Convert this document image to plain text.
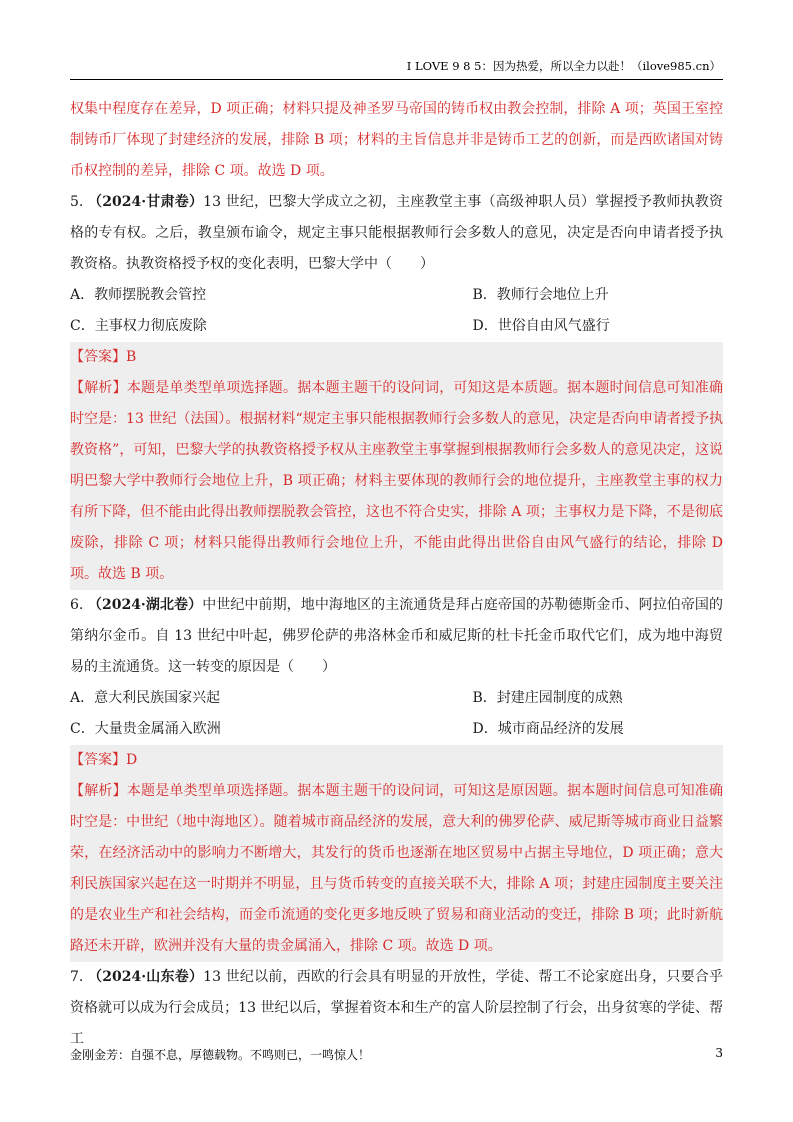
I LOVE 9 8 5：因为热爱，所以全力以赴！（ilove985.cn）
权集中程度存在差异，D 项正确；材料只提及神圣罗马帝国的铸币权由教会控制，排除 A 项；英国王室控制铸币厂体现了封建经济的发展，排除 B 项；材料的主旨信息并非是铸币工艺的创新，而是西欧诸国对铸币权控制的差异，排除 C 项。故选 D 项。
5. （2024·甘肃卷）13 世纪，巴黎大学成立之初，主座教堂主事（高级神职人员）掌握授予教师执教资格的专有权。之后，教皇颁布谕令，规定主事只能根据教师行会多数人的意见，决定是否向申请者授予执教资格。执教资格授予权的变化表明，巴黎大学中（　　）
A．教师摆脱教会管控	B．教师行会地位上升
C．主事权力彻底废除	D．世俗自由风气盛行
【答案】B
【解析】本题是单类型单项选择题。据本题主题干的设问词，可知这是本质题。据本题时间信息可知准确时空是：13 世纪（法国）。根据材料“规定主事只能根据教师行会多数人的意见，决定是否向申请者授予执教资格”，可知，巴黎大学的执教资格授予权从主座教堂主事掌握到根据教师行会多数人的意见决定，这说明巴黎大学中教师行会地位上升，B 项正确；材料主要体现的教师行会的地位提升，主座教堂主事的权力有所下降，但不能由此得出教师摆脱教会管控，这也不符合史实，排除 A 项；主事权力是下降，不是彻底废除，排除 C 项；材料只能得出教师行会地位上升，不能由此得出世俗自由风气盛行的结论，排除 D 项。故选 B 项。
6. （2024·湖北卷）中世纪中前期，地中海地区的主流通货是拜占庭帝国的苏勒德斯金币、阿拉伯帝国的第纳尔金币。自 13 世纪中叶起，佛罗伦萨的弗洛林金币和威尼斯的杜卡托金币取代它们，成为地中海贸易的主流通货。这一转变的原因是（　　）
A．意大利民族国家兴起	B．封建庄园制度的成熟
C．大量贵金属涌入欧洲	D．城市商品经济的发展
【答案】D
【解析】本题是单类型单项选择题。据本题主题干的设问词，可知这是原因题。据本题时间信息可知准确时空是：中世纪（地中海地区）。随着城市商品经济的发展，意大利的佛罗伦萨、威尼斯等城市商业日益繁荣，在经济活动中的影响力不断增大，其发行的货币也逐渐在地区贸易中占据主导地位，D 项正确；意大利民族国家兴起在这一时期并不明显，且与货币转变的直接关联不大，排除 A 项；封建庄园制度主要关注的是农业生产和社会结构，而金币流通的变化更多地反映了贸易和商业活动的变迁，排除 B 项；此时新航路还未开辟，欧洲并没有大量的贵金属涌入，排除 C 项。故选 D 项。
7. （2024·山东卷）13 世纪以前，西欧的行会具有明显的开放性，学徒、帮工不论家庭出身，只要合乎资格就可以成为行会成员；13 世纪以后，掌握着资本和生产的富人阶层控制了行会，出身贫寒的学徒、帮工
金刚金芳：自强不息，厚德载物。不鸣则已，一鸣惊人！	3
